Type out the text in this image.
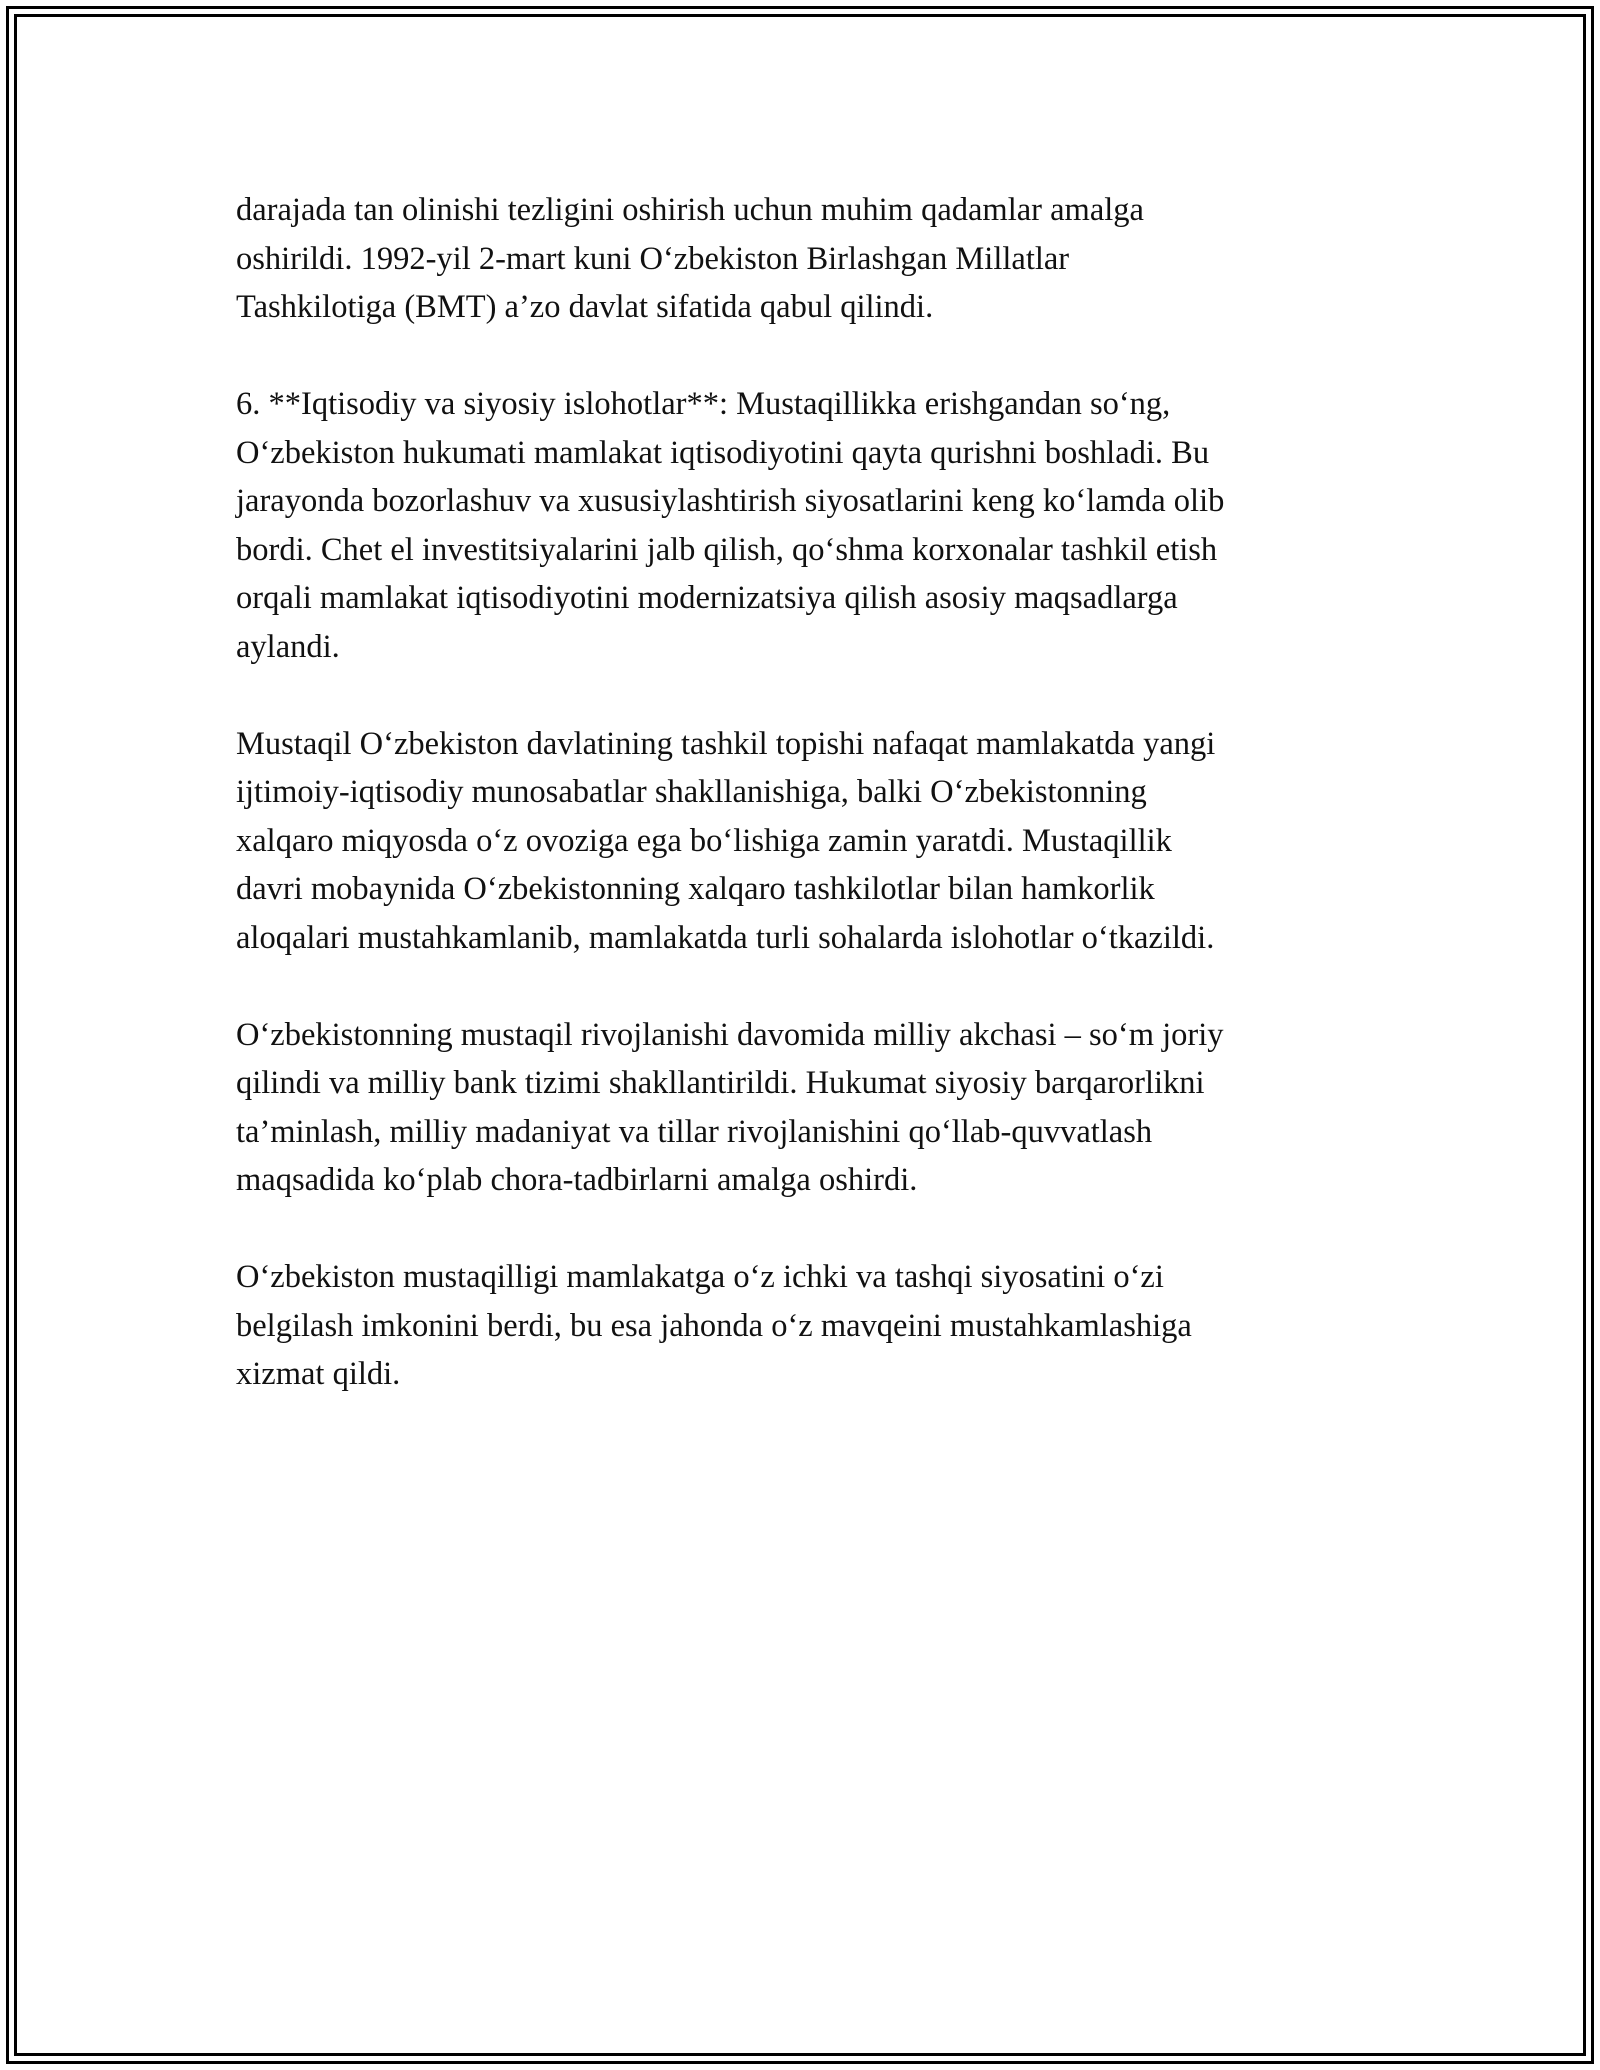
darajada tan olinishi tezligini oshirish uchun muhim qadamlar amalga
oshirildi. 1992-yil 2-mart kuni O‘zbekiston Birlashgan Millatlar
Tashkilotiga (BMT) a’zo davlat sifatida qabul qilindi.

6. **Iqtisodiy va siyosiy islohotlar**: Mustaqillikka erishgandan so‘ng,
O‘zbekiston hukumati mamlakat iqtisodiyotini qayta qurishni boshladi. Bu
jarayonda bozorlashuv va xususiylashtirish siyosatlarini keng ko‘lamda olib
bordi. Chet el investitsiyalarini jalb qilish, qo‘shma korxonalar tashkil etish
orqali mamlakat iqtisodiyotini modernizatsiya qilish asosiy maqsadlarga
aylandi.

Mustaqil O‘zbekiston davlatining tashkil topishi nafaqat mamlakatda yangi
ijtimoiy-iqtisodiy munosabatlar shakllanishiga, balki O‘zbekistonning
xalqaro miqyosda o‘z ovoziga ega bo‘lishiga zamin yaratdi. Mustaqillik
davri mobaynida O‘zbekistonning xalqaro tashkilotlar bilan hamkorlik
aloqalari mustahkamlanib, mamlakatda turli sohalarda islohotlar o‘tkazildi.

O‘zbekistonning mustaqil rivojlanishi davomida milliy akchasi – so‘m joriy
qilindi va milliy bank tizimi shakllantirildi. Hukumat siyosiy barqarorlikni
ta’minlash, milliy madaniyat va tillar rivojlanishini qo‘llab-quvvatlash
maqsadida ko‘plab chora-tadbirlarni amalga oshirdi.

O‘zbekiston mustaqilligi mamlakatga o‘z ichki va tashqi siyosatini o‘zi
belgilash imkonini berdi, bu esa jahonda o‘z mavqeini mustahkamlashiga
xizmat qildi.
